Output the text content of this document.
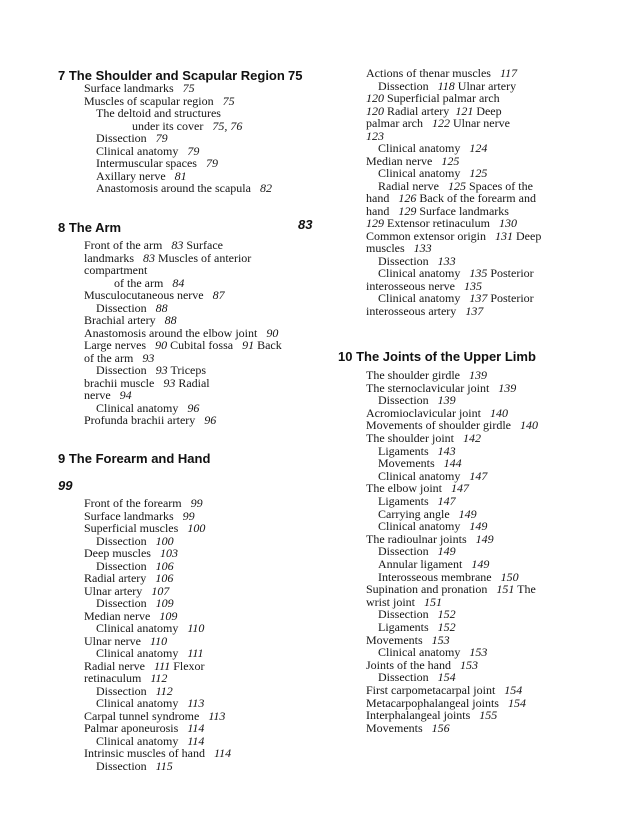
7 The Shoulder and Scapular Region 75
Surface landmarks 75
Muscles of scapular region 75
The deltoid and structures
under its cover 75, 76
Dissection 79
Clinical anatomy 79
Intermuscular spaces 79
Axillary nerve 81
Anastomosis around the scapula 82
8 The Arm	83
Front of the arm 83 Surface
landmarks 83 Muscles of anterior
compartment
of the arm 84
Musculocutaneous nerve 87
Dissection 88
Brachial artery 88
Anastomosis around the elbow joint 90
Large nerves 90 Cubital fossa 91 Back
of the arm 93
Dissection 93 Triceps
brachii muscle 93 Radial
nerve 94
Clinical anatomy 96
Profunda brachii artery 96
9 The Forearm and Hand
99
Front of the forearm 99
Surface landmarks 99
Superficial muscles 100
Dissection 100
Deep muscles 103
Dissection 106
Radial artery 106
Ulnar artery 107
Dissection 109
Median nerve 109
Clinical anatomy 110
Ulnar nerve 110
Clinical anatomy 111
Radial nerve 111 Flexor
retinaculum 112
Dissection 112
Clinical anatomy 113
Carpal tunnel syndrome 113
Palmar aponeurosis 114
Clinical anatomy 114
Intrinsic muscles of hand 114
Dissection 115
Actions of thenar muscles 117
Dissection 118 Ulnar artery
120 Superficial palmar arch
120 Radial artery 121 Deep
palmar arch 122 Ulnar nerve
123
Clinical anatomy 124
Median nerve 125
Clinical anatomy 125
Radial nerve 125 Spaces of the
hand 126 Back of the forearm and
hand 129 Surface landmarks
129 Extensor retinaculum 130
Common extensor origin 131 Deep
muscles 133
Dissection 133
Clinical anatomy 135 Posterior
interosseous nerve 135
Clinical anatomy 137 Posterior
interosseous artery 137
10 The Joints of the Upper Limb
The shoulder girdle 139
The sternoclavicular joint 139
Dissection 139
Acromioclavicular joint 140
Movements of shoulder girdle 140
The shoulder joint 142
Ligaments 143
Movements 144
Clinical anatomy 147
The elbow joint 147
Ligaments 147
Carrying angle 149
Clinical anatomy 149
The radioulnar joints 149
Dissection 149
Annular ligament 149
Interosseous membrane 150
Supination and pronation 151 The
wrist joint 151
Dissection 152
Ligaments 152
Movements 153
Clinical anatomy 153
Joints of the hand 153
Dissection 154
First carpometacarpal joint 154
Metacarpophalangeal joints 154
Interphalangeal joints 155
Movements 156
